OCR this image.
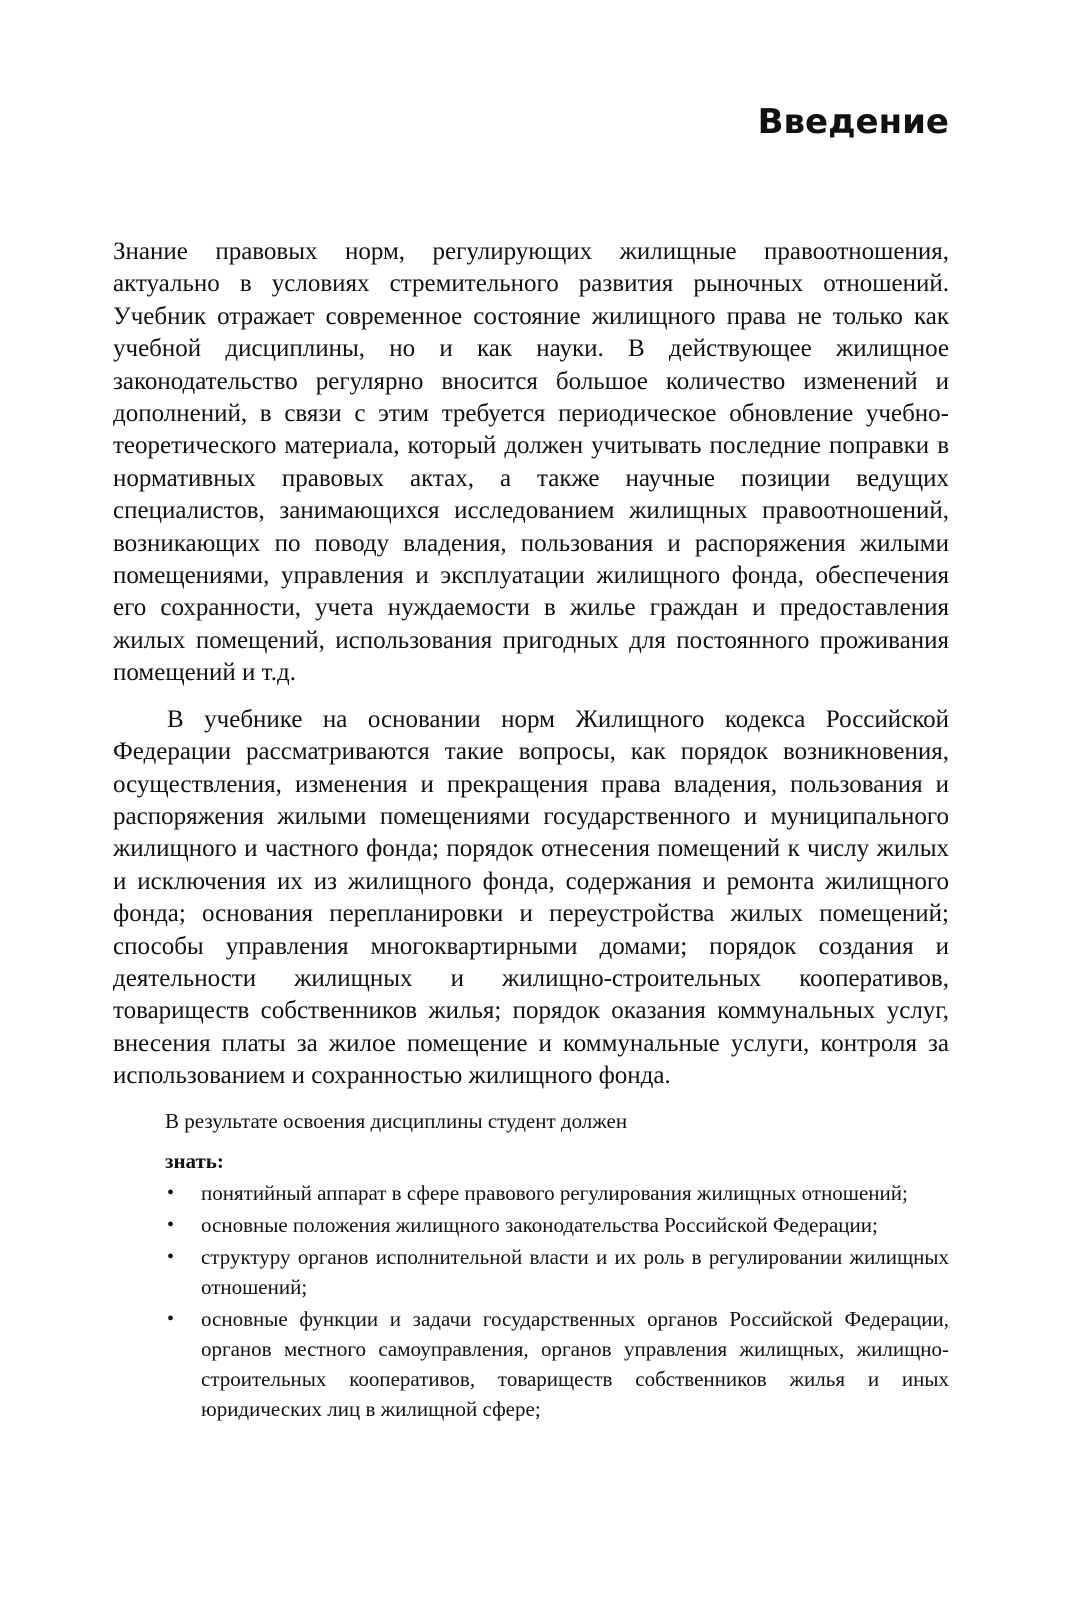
Введение

Знание правовых норм, регулирующих жилищные правоотношения, актуально в условиях стремительного развития рыночных отношений. Учебник отражает современное состояние жилищного права не только как учебной дисциплины, но и как науки. В действующее жилищное законодательство регулярно вносится большое количество изменений и дополнений, в связи с этим требуется периодическое обновление учебно-теоретического материала, который должен учитывать последние поправки в нормативных правовых актах, а также научные позиции ведущих специалистов, занимающихся исследованием жилищных правоотношений, возникающих по поводу владения, пользования и распоряжения жилыми помещениями, управления и эксплуатации жилищного фонда, обеспечения его сохранности, учета нуждаемости в жилье граждан и предоставления жилых помещений, использования пригодных для постоянного проживания помещений и т.д.

В учебнике на основании норм Жилищного кодекса Российской Федерации рассматриваются такие вопросы, как порядок возникновения, осуществления, изменения и прекращения права владения, пользования и распоряжения жилыми помещениями государственного и муниципального жилищного и частного фонда; порядок отнесения помещений к числу жилых и исключения их из жилищного фонда, содержания и ремонта жилищного фонда; основания перепланировки и переустройства жилых помещений; способы управления многоквартирными домами; порядок создания и деятельности жилищных и жилищно-строительных кооперативов, товариществ собственников жилья; порядок оказания коммунальных услуг, внесения платы за жилое помещение и коммунальные услуги, контроля за использованием и сохранностью жилищного фонда.

В результате освоения дисциплины студент должен

знать:

• понятийный аппарат в сфере правового регулирования жилищных отношений;
• основные положения жилищного законодательства Российской Федерации;
• структуру органов исполнительной власти и их роль в регулировании жилищных отношений;
• основные функции и задачи государственных органов Российской Федерации, органов местного самоуправления, органов управления жилищных, жилищно-строительных кооперативов, товариществ собственников жилья и иных юридических лиц в жилищной сфере;
